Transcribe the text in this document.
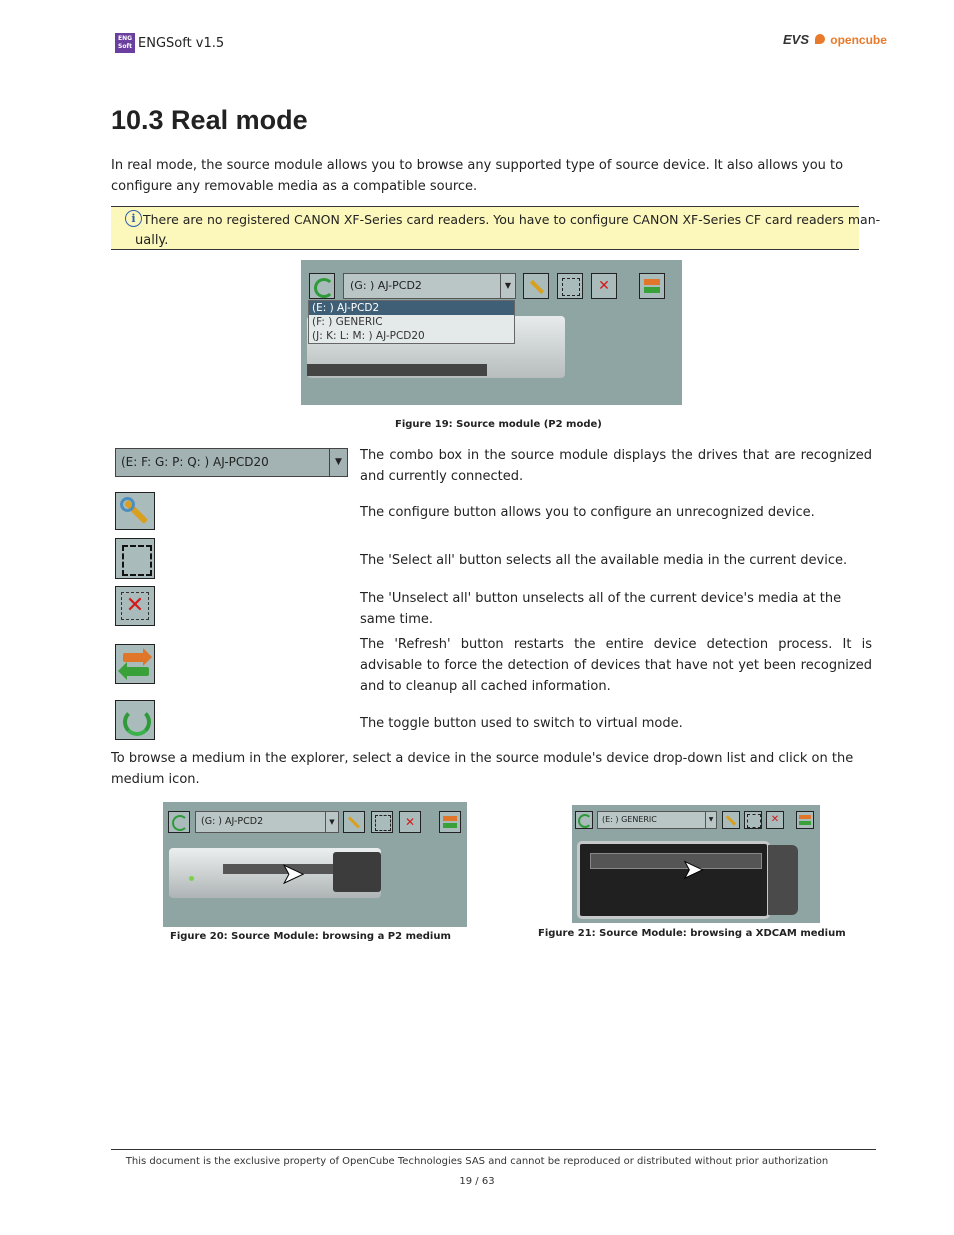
ENG
Soft ENGSoft v1.5	EVS opencube
10.3 Real mode
In real mode, the source module allows you to browse any supported type of source device. It also allows you to configure any removable media as a compatible source.
i There are no registered CANON XF-Series card readers. You have to configure CANON XF-Series CF card readers man-
ually.
(G: ) AJ-PCD2	▼	✕
(E: ) AJ-PCD2
(F: ) GENERIC
(J: K: L: M: ) AJ-PCD20
Figure 19: Source module (P2 mode)
(E: F: G: P: Q: ) AJ-PCD20	▼	The combo box in the source module displays the drives that are recognized and currently connected.
The configure button allows you to configure an unrecognized device.
The 'Select all' button selects all the available media in the current device.
✕	The 'Unselect all' button unselects all of the current device's media at the same time.
The 'Refresh' button restarts the entire device detection process. It is advisable to force the detection of devices that have not yet been recognized and to cleanup all cached information.
The toggle button used to switch to virtual mode.
To browse a medium in the explorer, select a device in the source module's device drop-down list and click on the medium icon.
(G: ) AJ-PCD2	▼	✕
➤
Figure 20: Source Module: browsing a P2 medium
(E: ) GENERIC	▼	✕
➤
Figure 21: Source Module: browsing a XDCAM medium
This document is the exclusive property of OpenCube Technologies SAS and cannot be reproduced or distributed without prior authorization
19 / 63
